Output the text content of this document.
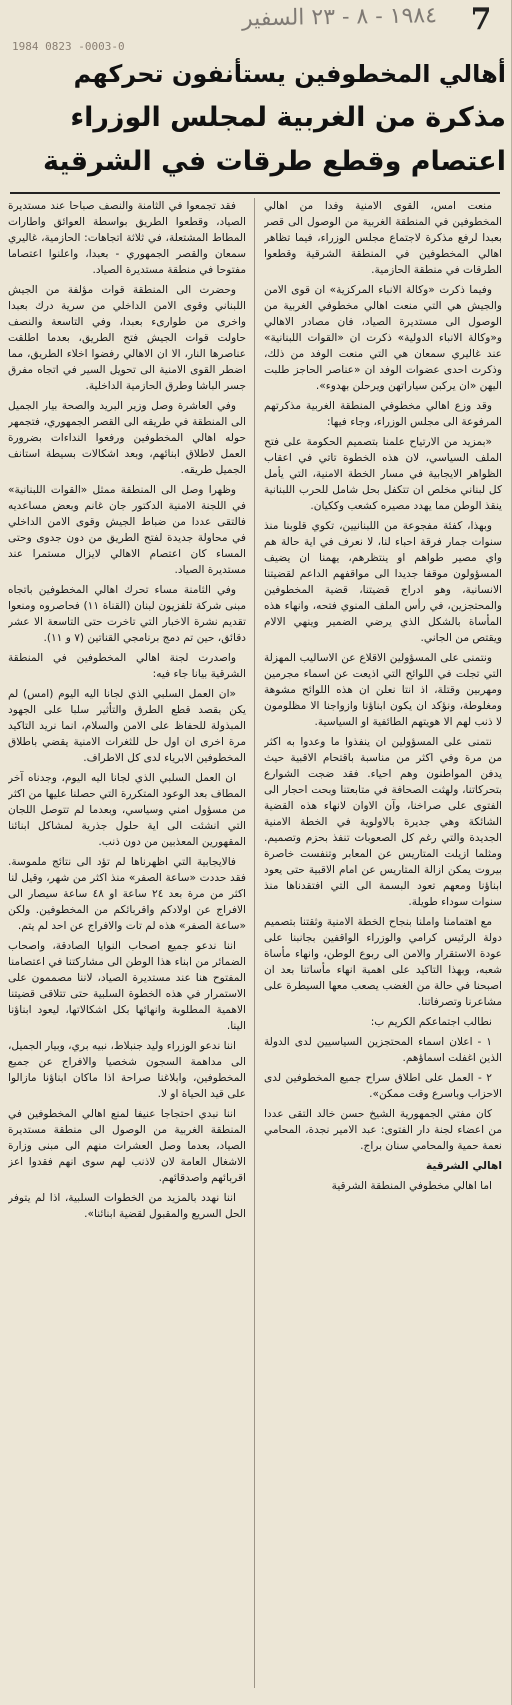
١٩٨٤ - ٨ - ٢٣ السفير	7
1984 0823 -0003-0
أهالي المخطوفين يستأنفون تحركهم
مذكرة من الغربية لمجلس الوزراء
اعتصام وقطع طرقات في الشرقية

منعت امس، القوى الامنية وفدا من اهالي المخطوفين في المنطقة الغربية من الوصول الى قصر بعبدا لرفع مذكرة لاجتماع مجلس الوزراء، فيما تظاهر اهالي المخطوفين في المنطقة الشرقية وقطعوا الطرقات في منطقة الحازمية.

وفيما ذكرت «وكالة الانباء المركزية» ان قوى الامن والجيش هي التي منعت اهالي مخطوفي الغربية من الوصول الى مستديرة الصياد، فان مصادر الاهالي و«وكالة الانباء الدولية» ذكرت ان «القوات اللبنانية» عند غاليري سمعان هي التي منعت الوفد من ذلك، وذكرت احدى عضوات الوفد ان «عناصر الحاجز طلبت اليهن «ان يركبن سياراتهن ويرحلن بهدوء».

وقد وزع اهالي مخطوفي المنطقة الغربية مذكرتهم المرفوعة الى مجلس الوزراء، وجاء فيها:

«بمزيد من الارتياح علمنا بتصميم الحكومة على فتح الملف السياسي، لان هذه الخطوة تاتي في اعقاب الظواهر الايجابية في مسار الخطة الامنية، التي يأمل كل لبناني مخلص ان تتكفل بحل شامل للحرب اللبنانية ينقذ الوطن مما يهدد مصيره كشعب وككيان.

وبهذا، كفئة مفجوعة من اللبنانيين، تكوي قلوبنا منذ سنوات جمار فرقة احباء لنا، لا نعرف في اية حالة هم واي مصير طواهم او ينتظرهم، يهمنا ان يضيف المسؤولون موقفا جديدا الى مواقفهم الداعم لقضيتنا الانسانية، وهو ادراج قضيتنا، قضية المخطوفين والمحتجزين، في رأس الملف المنوي فتحه، وانهاء هذه المأساة بالشكل الذي يرضي الضمير وينهي الالام ويقتص من الجاني.

ونتمنى على المسؤولين الاقلاع عن الاساليب المهزلة التي تجلت في اللوائح التي اذيعت عن اسماء مجرمين ومهربين وقتلة، اذ انتا نعلن ان هذه اللوائح مشوهة ومغلوطة، ونؤكد ان يكون ابناؤنا وازواجنا الا مظلومون لا ذنب لهم الا هويتهم الطائفية او السياسية.

نتمنى على المسؤولين ان ينفذوا ما وعدوا به اكثر من مرة وفي اكثر من مناسبة باقتحام الاقبية حيث يدفن المواطنون وهم احياء. فقد ضجت الشوارع بتحركاتنا، ولهثت الصحافة في متابعتنا وبحت احجار الى الفتوى على صراخنا، وآن الاوان لانهاء هذه القضية الشائكة وهي جديرة بالاولوية في الخطة الامنية الجديدة والتي رغم كل الصعوبات تنفذ بحزم وتصميم. ومثلما ازيلت المتاريس عن المعابر وتنفست خاصرة بيروت يمكن ازالة المتاريس عن امام الاقبية حتى يعود ابناؤنا ومعهم تعود البسمة الى التي افتقدناها منذ سنوات سوداء طويلة.

مع اهتمامنا واملنا بنجاح الخطة الامنية وثقتنا بتصميم دولة الرئيس كرامي والوزراء الواقفين بجانبنا على عودة الاستقرار والامن الى ربوع الوطن، وانهاء مأساة شعبه، وبهذا التاكيد على اهمية انهاء مأساتنا بعد ان اصبحنا في حالة من الغضب يصعب معها السيطرة على مشاعرنا وتصرفاتنا.

نطالب اجتماعكم الكريم ب:

١ - اعلان اسماء المحتجزين السياسيين لدى الدولة الذين اغفلت اسماؤهم.

٢ - العمل على اطلاق سراح جميع المخطوفين لدى الاحزاب وباسرع وقت ممكن».

كان مفتي الجمهورية الشيخ حسن خالد التقى عددا من اعضاء لجنة دار الفتوى: عبد الامير نجدة، المحامي نعمة حمية والمحامي سنان براج.

اهالي الشرقية

اما اهالي مخطوفي المنطقة الشرقية

فقد تجمعوا في الثامنة والنصف صباحا عند مستديرة الصياد، وقطعوا الطريق بواسطة العوائق واطارات المطاط المشتعلة، في ثلاثة اتجاهات: الحازمية، غاليري سمعان والقصر الجمهوري - بعبدا، واعلنوا اعتصاما مفتوحا في منطقة مستديرة الصياد.

وحضرت الى المنطقة قوات مؤلفة من الجيش اللبناني وقوى الامن الداخلي من سرية درك بعبدا واخرى من طوارىء بعبدا، وفي التاسعة والنصف حاولت قوات الجيش فتح الطريق، بعدما اطلقت عناصرها النار، الا ان الاهالي رفضوا اخلاء الطريق، مما اضطر القوى الامنية الى تحويل السير في اتجاه مفرق جسر الباشا وطرق الحازمية الداخلية.

وفي العاشرة وصل وزير البريد والصحة بيار الجميل الى المنطقة في طريقه الى القصر الجمهوري، فتجمهر حوله اهالي المخطوفين ورفعوا النداءات بضرورة العمل لاطلاق ابنائهم، وبعد اشكالات بسيطة استانف الجميل طريقه.

وظهرا وصل الى المنطقة ممثل «القوات اللبنانية» في اللجنة الامنية الدكتور جان غانم وبعض مساعديه فالتقى عددا من ضباط الجيش وقوى الامن الداخلي في محاولة جديدة لفتح الطريق من دون جدوى وحتى المساء كان اعتصام الاهالي لايزال مستمرا عند مستديرة الصياد.

وفي الثامنة مساء تحرك اهالي المخطوفين باتجاه مبنى شركة تلفزيون لبنان (القناة ١١) فحاصروه ومنعوا تقديم نشرة الاخبار التي تاخرت حتى التاسعة الا عشر دقائق، حين تم دمج برنامجي القناتين (٧ و ١١).

واصدرت لجنة اهالي المخطوفين في المنطقة الشرقية بيانا جاء فيه:

«ان العمل السلبي الذي لجانا اليه اليوم (امس) لم يكن بقصد قطع الطرق والتأثير سلبا على الجهود المبذولة للحفاظ على الامن والسلام، انما نريد التاكيد مرة اخرى ان اول حل للثغرات الامنية يقضي باطلاق المخطوفين الابرياء لدى كل الاطراف.

ان العمل السلبي الذي لجانا اليه اليوم، وجدناه آخر المطاف بعد الوعود المتكررة التي حصلنا عليها من اكثر من مسؤول امني وسياسي، وبعدما لم تتوصل اللجان التي انشئت الى اية حلول جذرية لمشاكل ابنائنا المقهورين المعذبين من دون ذنب.

فالايجابية التي اظهرناها لم تؤد الى نتائج ملموسة. فقد حددت «ساعة الصفر» منذ اكثر من شهر، وقيل لنا اكثر من مرة بعد ٢٤ ساعة او ٤٨ ساعة سيصار الى الافراج عن اولادكم واقربائكم من المخطوفين. ولكن «ساعة الصفر» هذه لم تات والافراج عن احد لم يتم.

اننا ندعو جميع اصحاب النوايا الصادقة، واصحاب الضمائر من ابناء هذا الوطن الى مشاركتنا في اعتصامنا المفتوح هنا عند مستديرة الصياد، لاننا مصممون على الاستمرار في هذه الخطوة السلبية حتى تتلاقى قضيتنا الاهمية المطلوبة وانهائها بكل اشكالاتها، ليعود ابناؤنا الينا.

اننا ندعو الوزراء وليد جنبلاط، نبيه بري، وبيار الجميل، الى مداهمة السجون شخصيا والافراج عن جميع المخطوفين، وابلاغنا صراحة اذا ماكان ابناؤنا مازالوا على قيد الحياة او لا.

اننا نبدي احتجاجا عنيفا لمنع اهالي المخطوفين في المنطقة الغربية من الوصول الى منطقة مستديرة الصياد، بعدما وصل العشرات منهم الى مبنى وزارة الاشغال العامة لان لاذنب لهم سوى انهم فقدوا اعز اقربائهم واصدقائهم.

اننا نهدد بالمزيد من الخطوات السلبية، اذا لم يتوفر الحل السريع والمقبول لقضية ابنائنا».
